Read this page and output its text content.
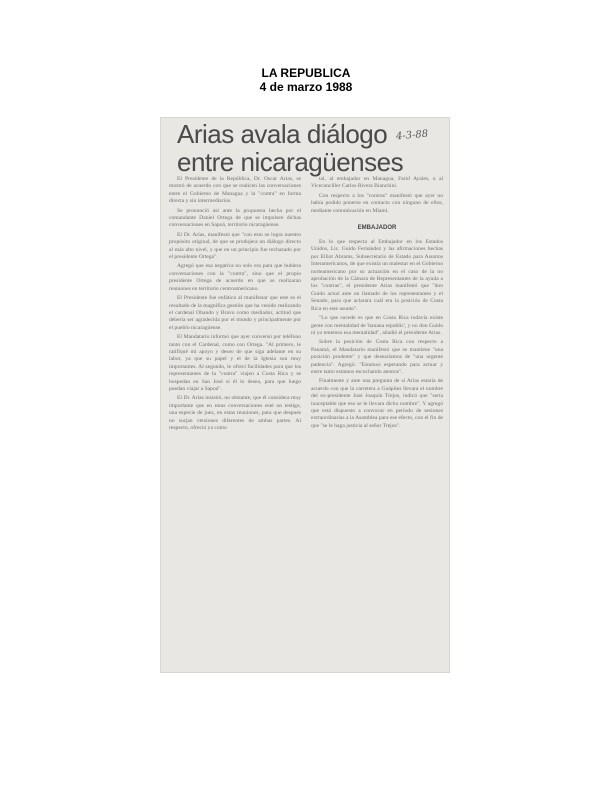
LA REPUBLICA
4 de marzo 1988
Arias avala diálogo
entre nicaragüenses
4-3-88

El Presidente de la República, Dr. Oscar Arias, se mostró de acuerdo con que se realicen las conversaciones entre el Gobierno de Managua y la "contra" en forma directa y sin intermediarios.

Se pronunció así ante la propuesta hecha por el comandante Daniel Ortega de que se impulsen dichas conversaciones en Sapoá, territorio nicaragüense.

El Dr. Arias, manifestó que "con esto se logra nuestro propósito original, de que se produjera un diálogo directo al más alto nivel, y que en un principio fue rechazado por el presidente Ortega".

Agregó que esa negativa no solo era para que hubiera conversaciones con la "contra", sino que el propio presidente Ortega de acuerdo en que se realizaran reuniones en territorio centroamericano.

El Presidente fue enfático al manifestar que este es el resultado de la magnífica gestión que ha venido realizando el cardenal Obando y Bravo como mediador, actitud que debería ser agradecida por el mundo y principalmente por el pueblo nicaragüense.

El Mandatario informó que ayer conversó por teléfono tanto con el Cardenal, como con Ortega. "Al primero, le ratifiqué mi apoyo y deseo de que siga adelante en su labor, ya que su papel y el de la Iglesia son muy importantes. Al segundo, le ofrecí facilidades para que los representantes de la "contra" viajen a Costa Rica y se hospedan en San José si él lo desea, para que luego puedan viajar a Sapoá".

El Dr. Arias insistió, no obstante, que él considera muy importante que en estas conversaciones esté un testigo, una especie de juez, en estas reuniones, para que después no surjan versiones diferentes de ambas partes. Al respecto, ofreció ya como

tal, al embajador en Managua, Farid Ayales, o al Vicecanciller Carlos Rivera Bianchini.

Con respecto a los "contras" manifestó que ayer no había podido ponerse en contacto con ninguno de ellos, mediante comunicación en Miami.

EMBAJADOR

En lo que respecta al Embajador en los Estados Unidos, Lic. Guido Fernández y las afirmaciones hechas por Elliot Abrams, Subsecretario de Estado para Asuntos Interamericanos, de que existía un malestar en el Gobierno norteamericano por su actuación en el caso de la no aprobación de la Cámara de Representantes de la ayuda a los "contras", el presidente Arias manifestó que "don Guido actuó ante un llamado de los representantes y el Senado, para que aclarara cuál era la posición de Costa Rica en este asunto".

"Lo que sucede es que en Costa Rica todavía existe gente con mentalidad de 'banana republic', y no don Guido ni yo tenemos esa mentalidad", añadió el presidente Arias.

Sobre la posición de Costa Rica con respecto a Panamá, el Mandatario manifestó que se mantiene "una posición prudente" y que desearíamos de "una urgente padencia". Agregó: "Estamos esperando para actuar y entre tanto estamos escuchando atentos".

Finalmente y ante una pregunta de si Arias estaría de acuerdo con que la carretera a Guápiles llevara el nombre del ex-presidente José Joaquín Trejos, indicó que "sería inaceptable que eso se le llevara dicho nombre". Y agregó que está dispuesto a convocar en período de sesiones extraordinarias a la Asamblea para ese efecto, con el fin de que "se le haga justicia al señor Trejos".
